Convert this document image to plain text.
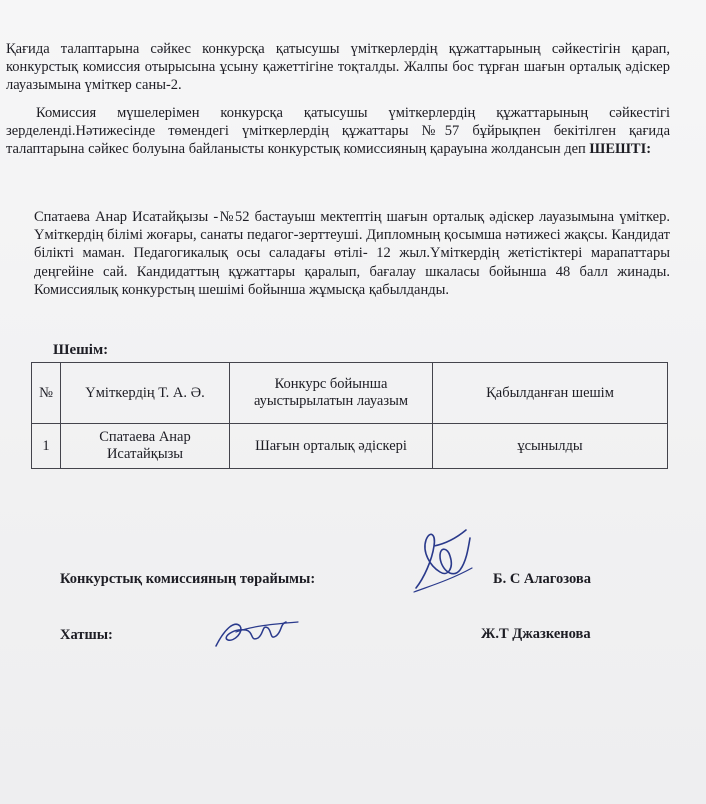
Қағида талаптарына сәйкес конкурсқа қатысушы үміткерлердің құжаттарының сәйкестігін қарап, конкурстық комиссия отырысына ұсыну қажеттігіне тоқталды. Жалпы бос тұрған шағын орталық әдіскер лауазымына үміткер саны-2.

Комиссия мүшелерімен конкурсқа қатысушы үміткерлердің құжаттарының сәйкестігі зерделенді.Нәтижесінде төмендегі үміткерлердің құжаттары №57 бұйрықпен бекітілген қағида талаптарына сәйкес болуына байланысты конкурстық комиссияның қарауына жолдансын деп ШЕШТІ:

Спатаева Анар Исатайқызы -№52 бастауыш мектептің шағын орталық әдіскер лауазымына үміткер. Үміткердің білімі жоғары, санаты педагог-зерттеуші. Дипломның қосымша нәтижесі жақсы. Кандидат білікті маман. Педагогикалық осы саладағы өтілі- 12 жыл.Үміткердің жетістіктері марапаттары деңгейіне сай. Кандидаттың құжаттары қаралып, бағалау шкаласы бойынша 48 балл жинады. Комиссиялық конкурстың шешімі бойынша жұмысқа қабылданды.

Шешім:
№	Үміткердің Т. А. Ә.	Конкурс бойынша ауыстырылатын лауазым	Қабылданған шешім
1	Спатаева Анар Исатайқызы	Шағын орталық әдіскері	ұсынылды
Конкурстық комиссияның төрайымы:	Б. С Алагозова
Хатшы:	Ж.Т Джазкенова
